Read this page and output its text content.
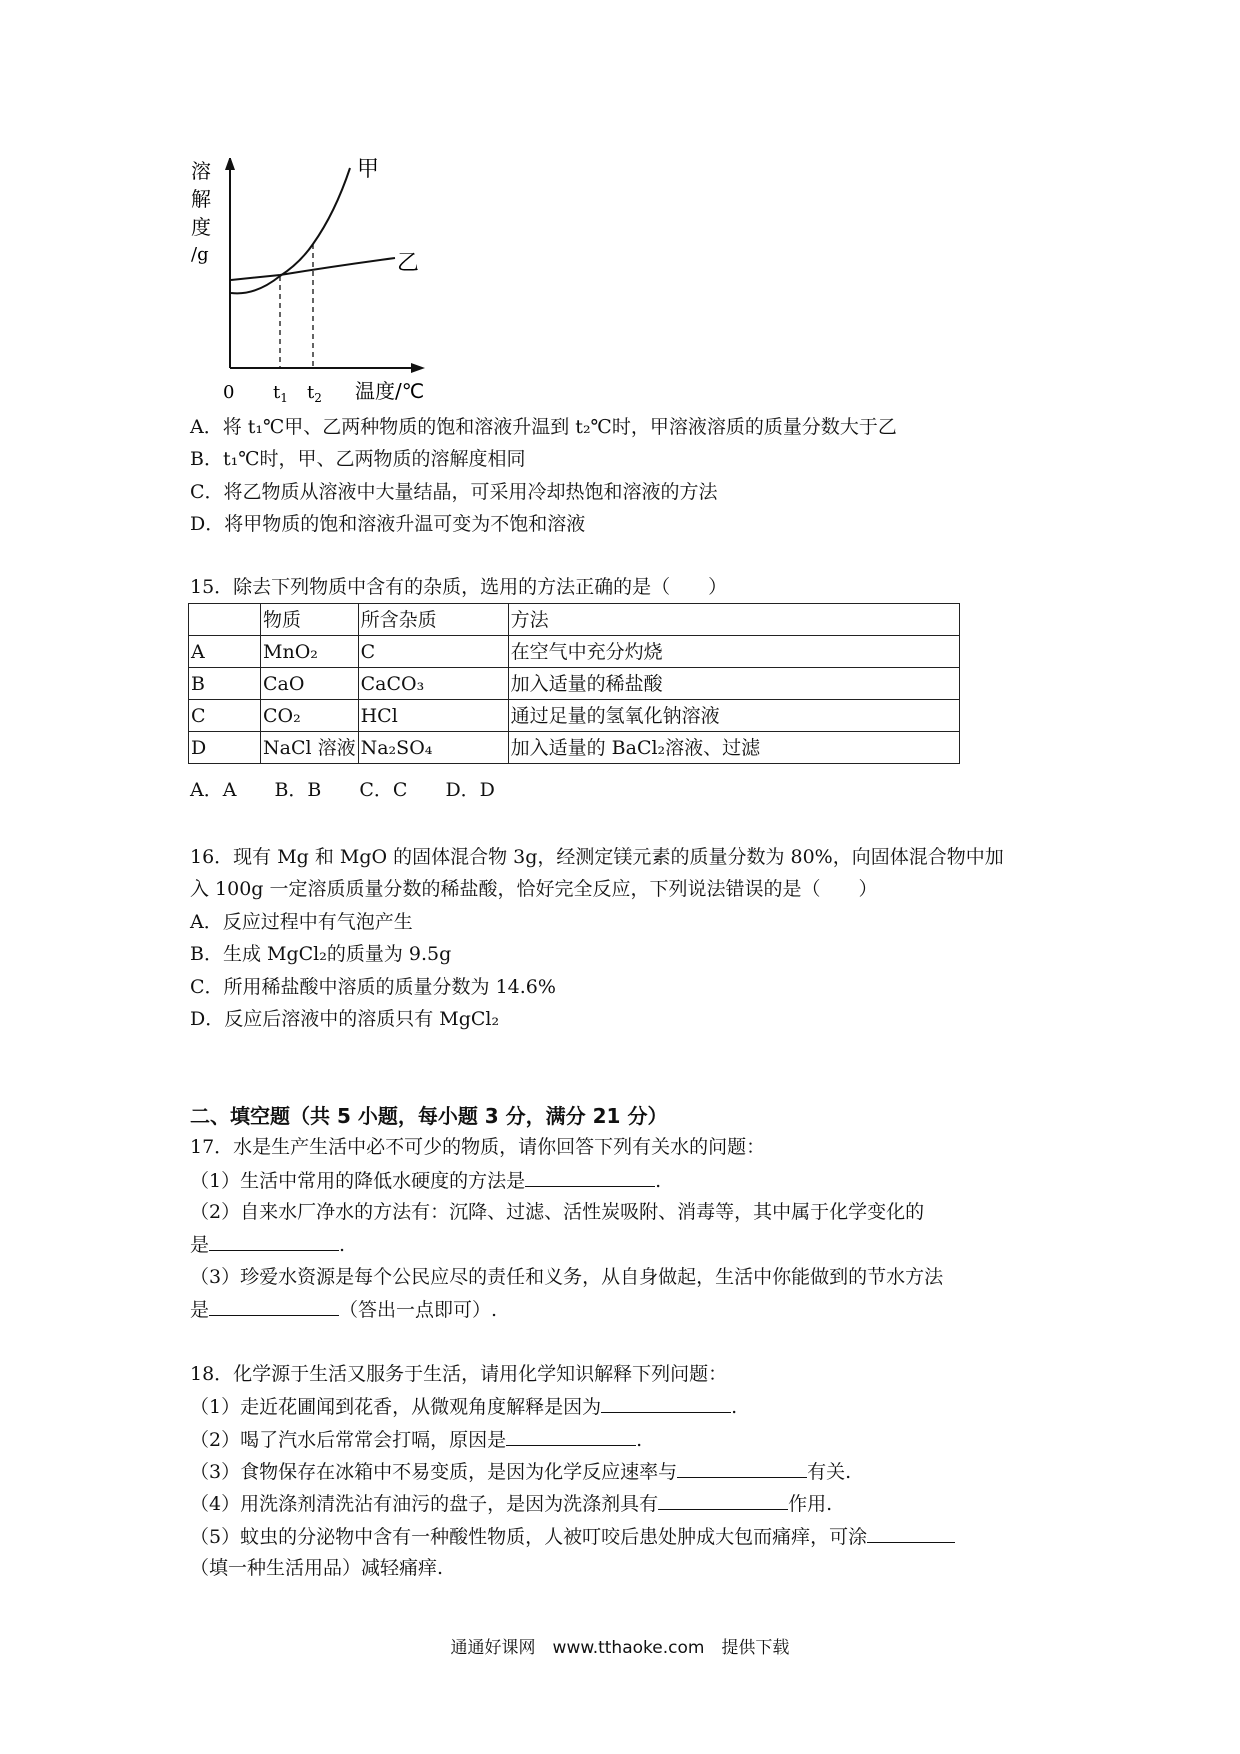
溶
解
度
/g
甲
乙
0 $t_1$ $t_2$ 温度/℃
A．将 t₁℃甲、乙两种物质的饱和溶液升温到 t₂℃时，甲溶液溶质的质量分数大于乙
B．t₁℃时，甲、乙两物质的溶解度相同
C．将乙物质从溶液中大量结晶，可采用冷却热饱和溶液的方法
D．将甲物质的饱和溶液升温可变为不饱和溶液
15．除去下列物质中含有的杂质，选用的方法正确的是（　　）
	物质	所含杂质	方法
A	MnO₂	C	在空气中充分灼烧
B	CaO	CaCO₃	加入适量的稀盐酸
C	CO₂	HCl	通过足量的氢氧化钠溶液
D	NaCl 溶液	Na₂SO₄	加入适量的 BaCl₂溶液、过滤
A．A　　B．B　　C．C　　D．D
16．现有 Mg 和 MgO 的固体混合物 3g，经测定镁元素的质量分数为 80%，向固体混合物中加
入 100g 一定溶质质量分数的稀盐酸，恰好完全反应，下列说法错误的是（　　）
A．反应过程中有气泡产生
B．生成 MgCl₂的质量为 9.5g
C．所用稀盐酸中溶质的质量分数为 14.6%
D．反应后溶液中的溶质只有 MgCl₂
二、填空题（共 5 小题，每小题 3 分，满分 21 分）
17．水是生产生活中必不可少的物质，请你回答下列有关水的问题：
（1）生活中常用的降低水硬度的方法是	.
（2）自来水厂净水的方法有：沉降、过滤、活性炭吸附、消毒等，其中属于化学变化的
是	.
（3）珍爱水资源是每个公民应尽的责任和义务，从自身做起，生活中你能做到的节水方法
是	（答出一点即可）.
18．化学源于生活又服务于生活，请用化学知识解释下列问题：
（1）走近花圃闻到花香，从微观角度解释是因为	.
（2）喝了汽水后常常会打嗝，原因是	.
（3）食物保存在冰箱中不易变质，是因为化学反应速率与	有关.
（4）用洗涤剂清洗沾有油污的盘子，是因为洗涤剂具有	作用.
（5）蚊虫的分泌物中含有一种酸性物质，人被叮咬后患处肿成大包而痛痒，可涂
（填一种生活用品）减轻痛痒.
通通好课网　www.tthaoke.com　提供下载
